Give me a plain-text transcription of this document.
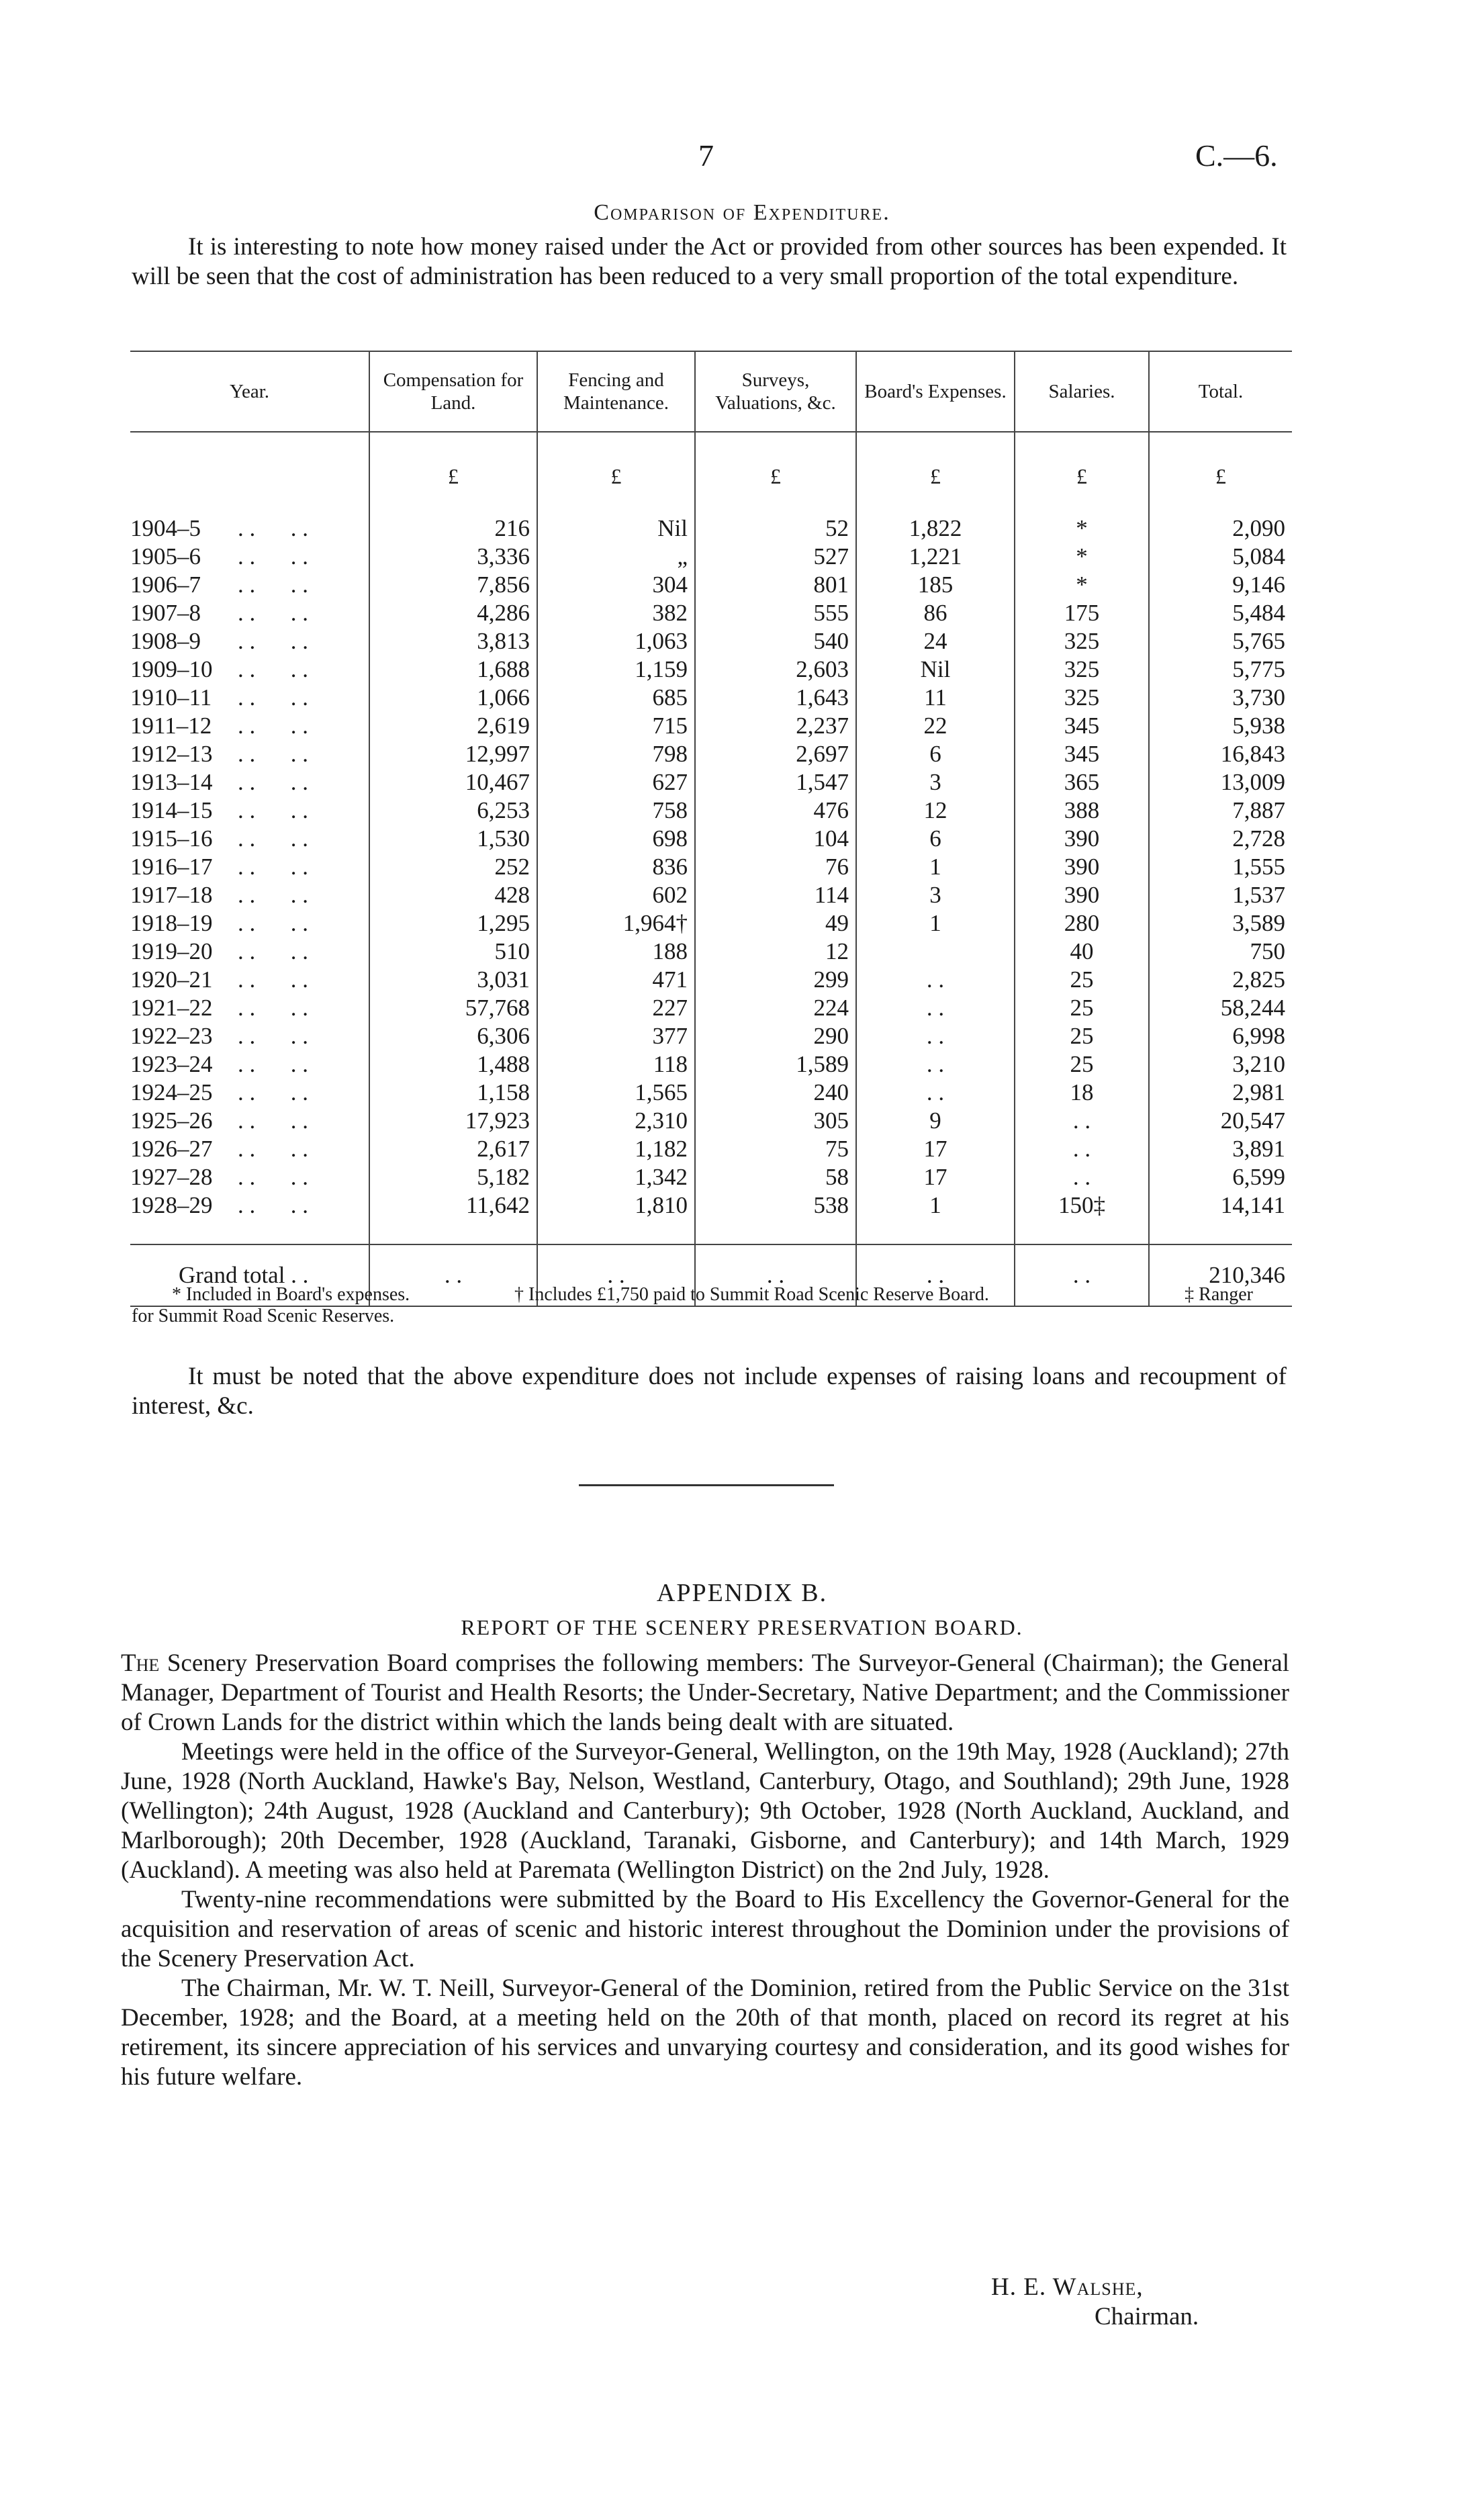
7	C.—6.
Comparison of Expenditure.
It is interesting to note how money raised under the Act or provided from other sources has been expended. It will be seen that the cost of administration has been reduced to a very small proportion of the total expenditure.
Year.	Compensation for Land.	Fencing and Maintenance.	Surveys, Valuations, &c.	Board's Expenses.	Salaries.	Total.
	£	£	£	£	£	£

1904–5 . .      . .	216	Nil	52	1,822	*	2,090
1905–6 . .      . .	3,336	„	527	1,221	*	5,084
1906–7 . .      . .	7,856	304	801	185	*	9,146
1907–8 . .      . .	4,286	382	555	86	175	5,484
1908–9 . .      . .	3,813	1,063	540	24	325	5,765
1909–10 . .      . .	1,688	1,159	2,603	Nil	325	5,775
1910–11 . .      . .	1,066	685	1,643	11	325	3,730
1911–12 . .      . .	2,619	715	2,237	22	345	5,938
1912–13 . .      . .	12,997	798	2,697	6	345	16,843
1913–14 . .      . .	10,467	627	1,547	3	365	13,009
1914–15 . .      . .	6,253	758	476	12	388	7,887
1915–16 . .      . .	1,530	698	104	6	390	2,728
1916–17 . .      . .	252	836	76	1	390	1,555
1917–18 . .      . .	428	602	114	3	390	1,537
1918–19 . .      . .	1,295	1,964†	49	1	280	3,589
1919–20 . .      . .	510	188	12		40	750
1920–21 . .      . .	3,031	471	299	. .	25	2,825
1921–22 . .      . .	57,768	227	224	. .	25	58,244
1922–23 . .      . .	6,306	377	290	. .	25	6,998
1923–24 . .      . .	1,488	118	1,589	. .	25	3,210
1924–25 . .      . .	1,158	1,565	240	. .	18	2,981
1925–26 . .      . .	17,923	2,310	305	9	. .	20,547
1926–27 . .      . .	2,617	1,182	75	17	. .	3,891
1927–28 . .      . .	5,182	1,342	58	17	. .	6,599
1928–29 . .      . .	11,642	1,810	538	1	150‡	14,141

Grand total . .	. .	. .	. .	. .	. .	210,346
* Included in Board's expenses.	† Includes £1,750 paid to Summit Road Scenic Reserve Board.	‡ Ranger
for Summit Road Scenic Reserves.
It must be noted that the above expenditure does not include expenses of raising loans and recoupment of interest, &c.
APPENDIX B.
REPORT OF THE SCENERY PRESERVATION BOARD.

The Scenery Preservation Board comprises the following members: The Surveyor-General (Chairman); the General Manager, Department of Tourist and Health Resorts; the Under-Secretary, Native Department; and the Commissioner of Crown Lands for the district within which the lands being dealt with are situated.

Meetings were held in the office of the Surveyor-General, Wellington, on the 19th May, 1928 (Auckland); 27th June, 1928 (North Auckland, Hawke's Bay, Nelson, Westland, Canterbury, Otago, and Southland); 29th June, 1928 (Wellington); 24th August, 1928 (Auckland and Canterbury); 9th October, 1928 (North Auckland, Auckland, and Marlborough); 20th December, 1928 (Auckland, Taranaki, Gisborne, and Canterbury); and 14th March, 1929 (Auckland). A meeting was also held at Paremata (Wellington District) on the 2nd July, 1928.

Twenty-nine recommendations were submitted by the Board to His Excellency the Governor-General for the acquisition and reservation of areas of scenic and historic interest throughout the Dominion under the provisions of the Scenery Preservation Act.

The Chairman, Mr. W. T. Neill, Surveyor-General of the Dominion, retired from the Public Service on the 31st December, 1928; and the Board, at a meeting held on the 20th of that month, placed on record its regret at his retirement, its sincere appreciation of his services and unvarying courtesy and consideration, and its good wishes for his future welfare.

H. E. Walshe,
Chairman.
